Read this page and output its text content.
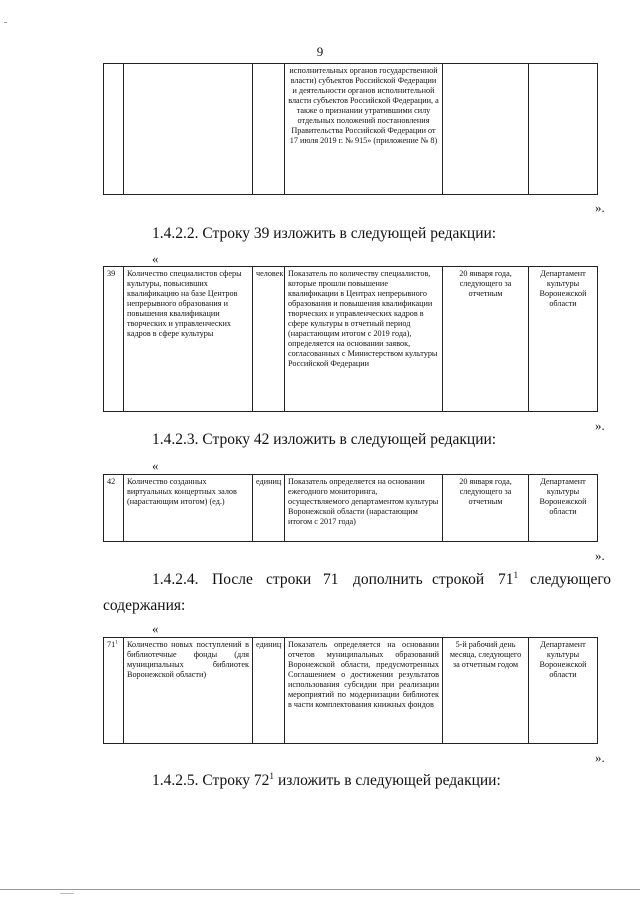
9
			исполнительных органов государственной власти) субъектов Российской Федерации и деятельности органов исполнительной власти субъектов Российской Федерации, а также о признании утратившими силу отдельных положений постановления Правительства Российской Федерации от 17 июля 2019 г. № 915» (приложение № 8)		
».
1.4.2.2. Строку 39 изложить в следующей редакции:
«
39	Количество специалистов сферы культуры, повысивших квалификацию на базе Центров непрерывного образования и повышения квалификации творческих и управленческих кадров в сфере культуры	человек	Показатель по количеству специалистов, которые прошли повышение квалификации в Центрах непрерывного образования и повышения квалификации творческих и управленческих кадров в сфере культуры в отчетный период (нарастающим итогом с 2019 года), определяется на основании заявок, согласованных с Министерством культуры Российской Федерации	20 января года, следующего за отчетным	Департамент культуры Воронежской области
».
1.4.2.3. Строку 42 изложить в следующей редакции:
«
42	Количество созданных виртуальных концертных залов (нарастающим итогом) (ед.)	единиц	Показатель определяется на основании ежегодного мониторинга, осуществляемого департаментом культуры Воронежской области (нарастающим итогом с 2017 года)	20 января года, следующего за отчетным	Департамент культуры Воронежской области
».
1.4.2.4. После строки 71 дополнить строкой $71^1$ следующего
содержания:
«
$71^1$	Количество новых поступлений в библиотечные фонды (для муниципальных библиотек Воронежской области)	единиц	Показатель определяется на основании отчетов муниципальных образований Воронежской области, предусмотренных Соглашением о достижении результатов использования субсидии при реализации мероприятий по модернизации библиотек в части комплектования книжных фондов	5-й рабочий день месяца, следующего за отчетным годом	Департамент культуры Воронежской области
».
1.4.2.5. Строку $72^1$ изложить в следующей редакции:
